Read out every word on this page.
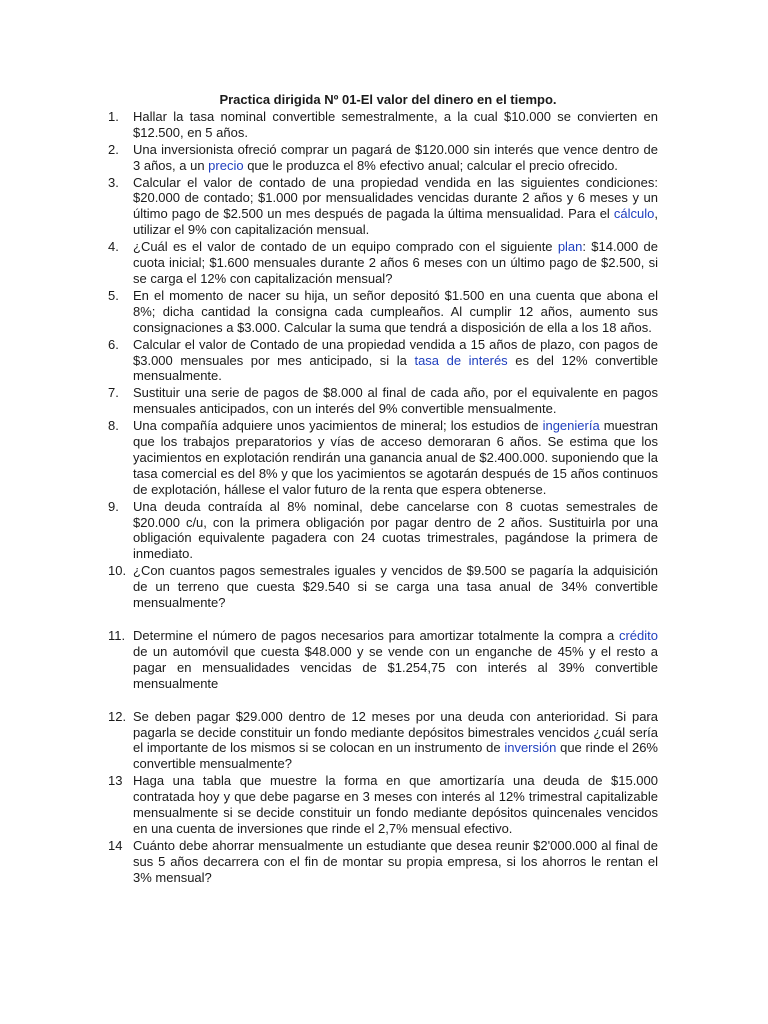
Practica dirigida Nº 01-El valor del dinero en el tiempo.
1.	Hallar la tasa nominal convertible semestralmente, a la cual $10.000 se convierten en $12.500, en 5 años.
2.	Una inversionista ofreció comprar un pagará de $120.000 sin interés que vence dentro de 3 años, a un precio que le produzca el 8% efectivo anual; calcular el precio ofrecido.
3.	Calcular el valor de contado de una propiedad vendida en las siguientes condiciones: $20.000 de contado; $1.000 por mensualidades vencidas durante 2 años y 6 meses y un último pago de $2.500 un mes después de pagada la última mensualidad. Para el cálculo, utilizar el 9% con capitalización mensual.
4.	¿Cuál es el valor de contado de un equipo comprado con el siguiente plan: $14.000 de cuota inicial; $1.600 mensuales durante 2 años 6 meses con un último pago de $2.500, si se carga el 12% con capitalización mensual?
5.	En el momento de nacer su hija, un señor depositó $1.500 en una cuenta que abona el 8%; dicha cantidad la consigna cada cumpleaños. Al cumplir 12 años, aumento sus consignaciones a $3.000. Calcular la suma que tendrá a disposición de ella a los 18 años.
6.	Calcular el valor de Contado de una propiedad vendida a 15 años de plazo, con pagos de $3.000 mensuales por mes anticipado, si la tasa de interés es del 12% convertible mensualmente.
7.	Sustituir una serie de pagos de $8.000 al final de cada año, por el equivalente en pagos mensuales anticipados, con un interés del 9% convertible mensualmente.
8.	Una compañía adquiere unos yacimientos de mineral; los estudios de ingeniería muestran que los trabajos preparatorios y vías de acceso demoraran 6 años. Se estima que los yacimientos en explotación rendirán una ganancia anual de $2.400.000. suponiendo que la tasa comercial es del 8% y que los yacimientos se agotarán después de 15 años continuos de explotación, hállese el valor futuro de la renta que espera obtenerse.
9.	Una deuda contraída al 8% nominal, debe cancelarse con 8 cuotas semestrales de $20.000 c/u, con la primera obligación por pagar dentro de 2 años. Sustituirla por una obligación equivalente pagadera con 24 cuotas trimestrales, pagándose la primera de inmediato.
10. ¿Con cuantos pagos semestrales iguales y vencidos de $9.500 se pagaría la adquisición de un terreno que cuesta $29.540 si se carga una tasa anual de 34% convertible mensualmente?
11. Determine el número de pagos necesarios para amortizar totalmente la compra a crédito de un automóvil que cuesta $48.000 y se vende con un enganche de 45% y el resto a pagar en mensualidades vencidas de $1.254,75 con interés al 39% convertible mensualmente
12. Se deben pagar $29.000 dentro de 12 meses por una deuda con anterioridad. Si para pagarla se decide constituir un fondo mediante depósitos bimestrales vencidos ¿cuál sería el importante de los mismos si se colocan en un instrumento de inversión que rinde el 26% convertible mensualmente?
13 Haga una tabla que muestre la forma en que amortizaría una deuda de $15.000 contratada hoy y que debe pagarse en 3 meses con interés al 12% trimestral capitalizable mensualmente si se decide constituir un fondo mediante depósitos quincenales vencidos en una cuenta de inversiones que rinde el 2,7% mensual efectivo.
14 Cuánto debe ahorrar mensualmente un estudiante que desea reunir $2'000.000 al final de sus 5 años decarrera con el fin de montar su propia empresa, si los ahorros le rentan el 3% mensual?
